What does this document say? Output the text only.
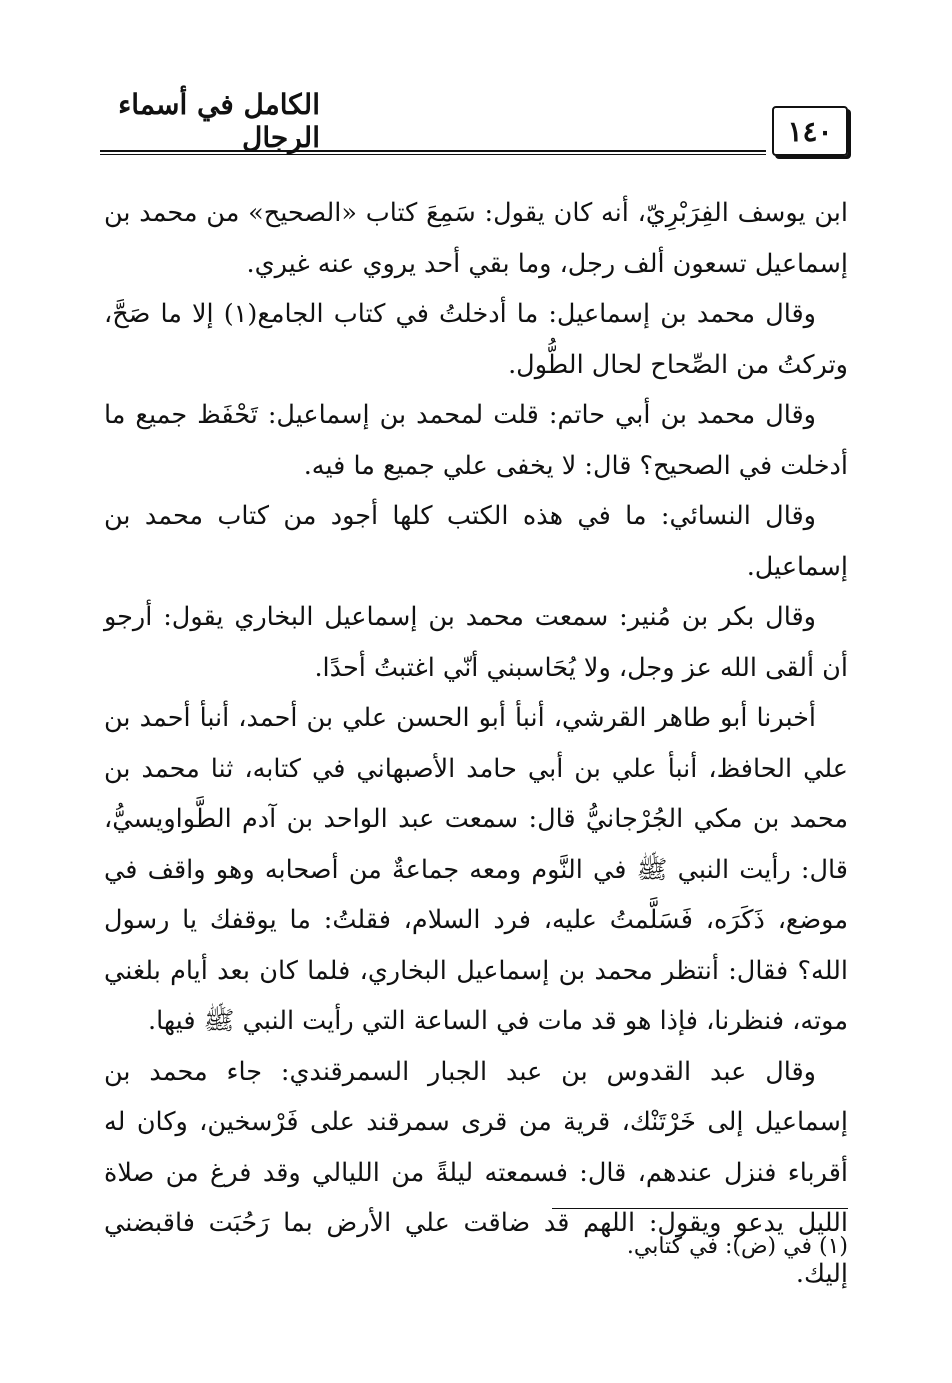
الكامل في أسماء الرجال	١٤٠

ابن يوسف الفِرَبْرِيّ، أنه كان يقول: سَمِعَ كتاب «الصحيح» من محمد بن إسماعيل تسعون ألف رجل، وما بقي أحد يروي عنه غيري.

وقال محمد بن إسماعيل: ما أدخلتُ في كتاب الجامع(١) إلا ما صَحَّ، وتركتُ من الصِّحاح لحال الطُّول.

وقال محمد بن أبي حاتم: قلت لمحمد بن إسماعيل: تَحْفَظ جميع ما أدخلت في الصحيح؟ قال: لا يخفى علي جميع ما فيه.

وقال النسائي: ما في هذه الكتب كلها أجود من كتاب محمد بن إسماعيل.

وقال بكر بن مُنير: سمعت محمد بن إسماعيل البخاري يقول: أرجو أن ألقى الله عز وجل، ولا يُحَاسبني أنّي اغتبتُ أحدًا.

أخبرنا أبو طاهر القرشي، أنبأ أبو الحسن علي بن أحمد، أنبأ أحمد بن علي الحافظ، أنبأ علي بن أبي حامد الأصبهاني في كتابه، ثنا محمد بن محمد بن مكي الجُرْجانيُّ قال: سمعت عبد الواحد بن آدم الطَّواويسيُّ، قال: رأيت النبي ﷺ في النَّوم ومعه جماعةٌ من أصحابه وهو واقف في موضع، ذَكَرَه، فَسَلَّمتُ عليه، فرد السلام، فقلتُ: ما يوقفك يا رسول الله؟ فقال: أنتظر محمد بن إسماعيل البخاري، فلما كان بعد أيام بلغني موته، فنظرنا، فإذا هو قد مات في الساعة التي رأيت النبي ﷺ فيها.

وقال عبد القدوس بن عبد الجبار السمرقندي: جاء محمد بن إسماعيل إلى خَرْتَنْك، قرية من قرى سمرقند على فَرْسخين، وكان له أقرباء فنزل عندهم، قال: فسمعته ليلةً من الليالي وقد فرغ من صلاة الليل يدعو ويقول: اللهم قد ضاقت علي الأرض بما رَحُبَت فاقبضني إليك.

(١) في (ض): في كتابي.
